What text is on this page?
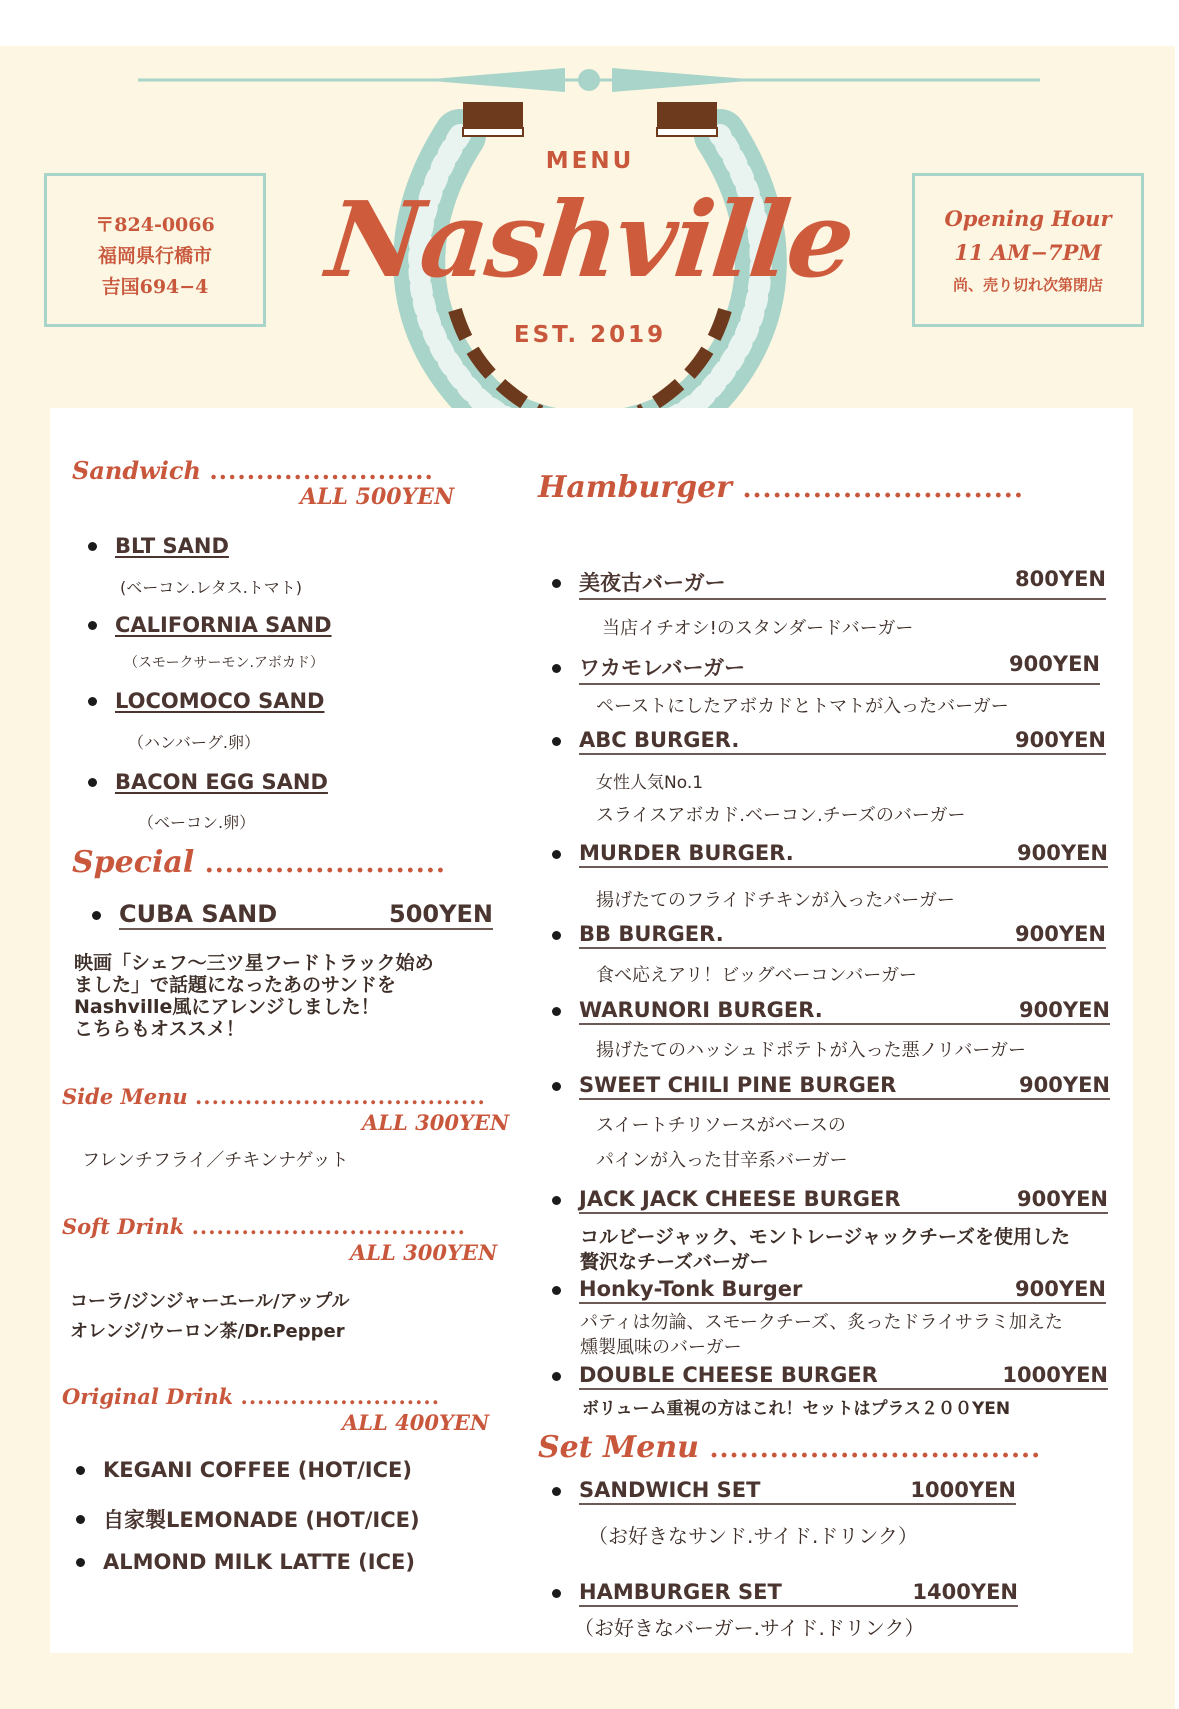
〒824-0066
福岡県行橋市
吉国694−4
Opening Hour
11 AM−7PM
尚、売り切れ次第閉店
MENU
Nashville
EST. 2019
Sandwich ........................
ALL 500YEN
BLT SAND
(ベーコン.レタス.トマト)
CALIFORNIA SAND
（スモークサーモン.アボカド）
LOCOMOCO SAND
（ハンバーグ.卵）
BACON EGG SAND
（ベーコン.卵）
Special ........................
CUBA SAND	500YEN
映画「シェフ〜三ツ星フードトラック始め
ました」で話題になったあのサンドを
Nashville風にアレンジしました！
こちらもオススメ！
Side Menu ...................................
ALL 300YEN
フレンチフライ／チキンナゲット
Soft Drink .................................
ALL 300YEN
コーラ/ジンジャーエール/アップル
オレンジ/ウーロン茶/Dr.Pepper
Original Drink ........................
ALL 400YEN
KEGANI COFFEE (HOT/ICE)
自家製LEMONADE (HOT/ICE)
ALMOND MILK LATTE (ICE)
Hamburger ............................
美夜古バーガー	800YEN
当店イチオシ!のスタンダードバーガー
ワカモレバーガー	900YEN
ペーストにしたアボカドとトマトが入ったバーガー
ABC BURGER.	900YEN
女性人気No.1
スライスアボカド.ベーコン.チーズのバーガー
MURDER BURGER.	900YEN
揚げたてのフライドチキンが入ったバーガー
BB BURGER.	900YEN
食べ応えアリ！ビッグベーコンバーガー
WARUNORI BURGER.	900YEN
揚げたてのハッシュドポテトが入った悪ノリバーガー
SWEET CHILI PINE BURGER	900YEN
スイートチリソースがベースの
パインが入った甘辛系バーガー
JACK JACK CHEESE BURGER	900YEN
コルビージャック、モントレージャックチーズを使用した
贅沢なチーズバーガー
Honky-Tonk Burger	900YEN
パティは勿論、スモークチーズ、炙ったドライサラミ加えた
燻製風味のバーガー
DOUBLE CHEESE BURGER	1000YEN
ボリューム重視の方はこれ！セットはプラス２００YEN
Set Menu .................................
SANDWICH SET	1000YEN
（お好きなサンド.サイド.ドリンク）
HAMBURGER SET	1400YEN
（お好きなバーガー.サイド.ドリンク）
